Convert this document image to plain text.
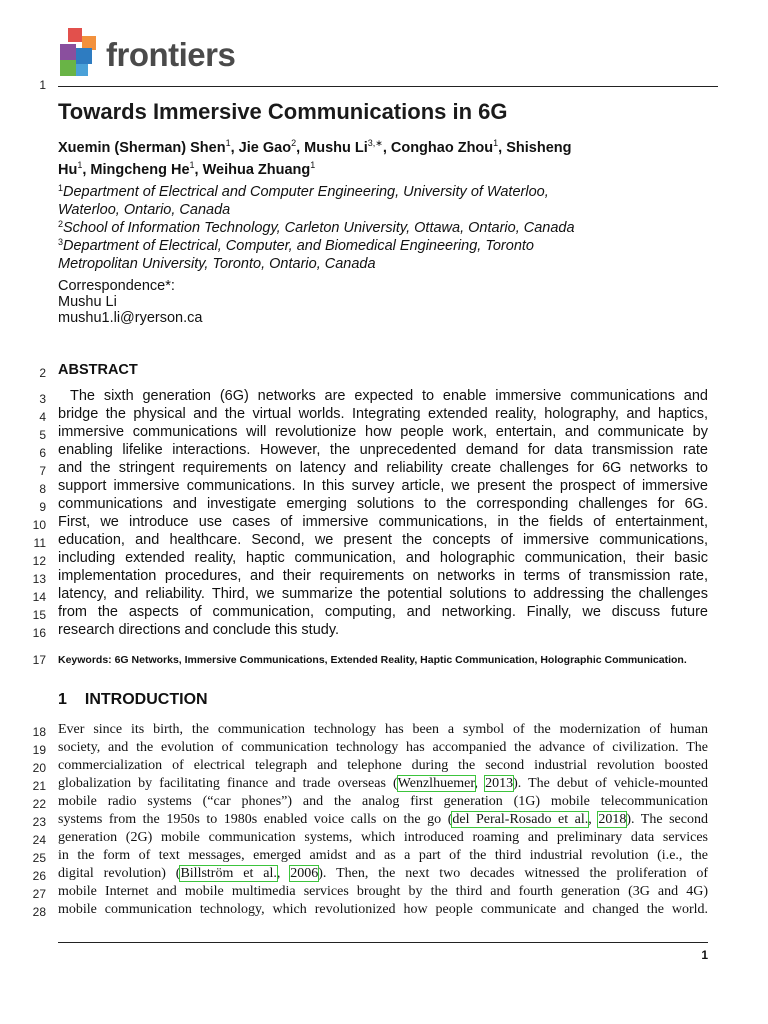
frontiers
1
Towards Immersive Communications in 6G
Xuemin (Sherman) Shen$^1$, Jie Gao$^2$, Mushu $Li^{3,∗}$, Conghao Zhou$^1$, Shisheng
Hu$^1$, Mingcheng He$^1$, Weihua Zhuang$^1$
$^1$Department of Electrical and Computer Engineering, University of Waterloo,
Waterloo, Ontario, Canada
$^2$School of Information Technology, Carleton University, Ottawa, Ontario, Canada
$^3$Department of Electrical, Computer, and Biomedical Engineering, Toronto
Metropolitan University, Toronto, Ontario, Canada
Correspondence*:
Mushu Li
mushu1.li@ryerson.ca
2 ABSTRACT
3 The sixth generation (6G) networks are expected to enable immersive communications and
4 bridge the physical and the virtual worlds. Integrating extended reality, holography, and haptics,
5 immersive communications will revolutionize how people work, entertain, and communicate by
6 enabling lifelike interactions. However, the unprecedented demand for data transmission rate
7 and the stringent requirements on latency and reliability create challenges for 6G networks to
8 support immersive communications. In this survey article, we present the prospect of immersive
9 communications and investigate emerging solutions to the corresponding challenges for 6G.
10 First, we introduce use cases of immersive communications, in the fields of entertainment,
11 education, and healthcare. Second, we present the concepts of immersive communications,
12 including extended reality, haptic communication, and holographic communication, their basic
13 implementation procedures, and their requirements on networks in terms of transmission rate,
14 latency, and reliability. Third, we summarize the potential solutions to addressing the challenges
15 from the aspects of communication, computing, and networking. Finally, we discuss future
16 research directions and conclude this study.
17 Keywords: 6G Networks, Immersive Communications, Extended Reality, Haptic Communication, Holographic Communication.
1 INTRODUCTION
18 Ever since its birth, the communication technology has been a symbol of the modernization of human
19 society, and the evolution of communication technology has accompanied the advance of civilization. The
20 commercialization of electrical telegraph and telephone during the second industrial revolution boosted
21 globalization by facilitating finance and trade overseas (Wenzlhuemer, 2013). The debut of vehicle-mounted
22 mobile radio systems (“car phones”) and the analog first generation (1G) mobile telecommunication
23 systems from the 1950s to 1980s enabled voice calls on the go (del Peral-Rosado et al., 2018). The second
24 generation (2G) mobile communication systems, which introduced roaming and preliminary data services
25 in the form of text messages, emerged amidst and as a part of the third industrial revolution (i.e., the
26 digital revolution) (Billström et al., 2006). Then, the next two decades witnessed the proliferation of
27 mobile Internet and mobile multimedia services brought by the third and fourth generation (3G and 4G)
28 mobile communication technology, which revolutionized how people communicate and changed the world.
1
